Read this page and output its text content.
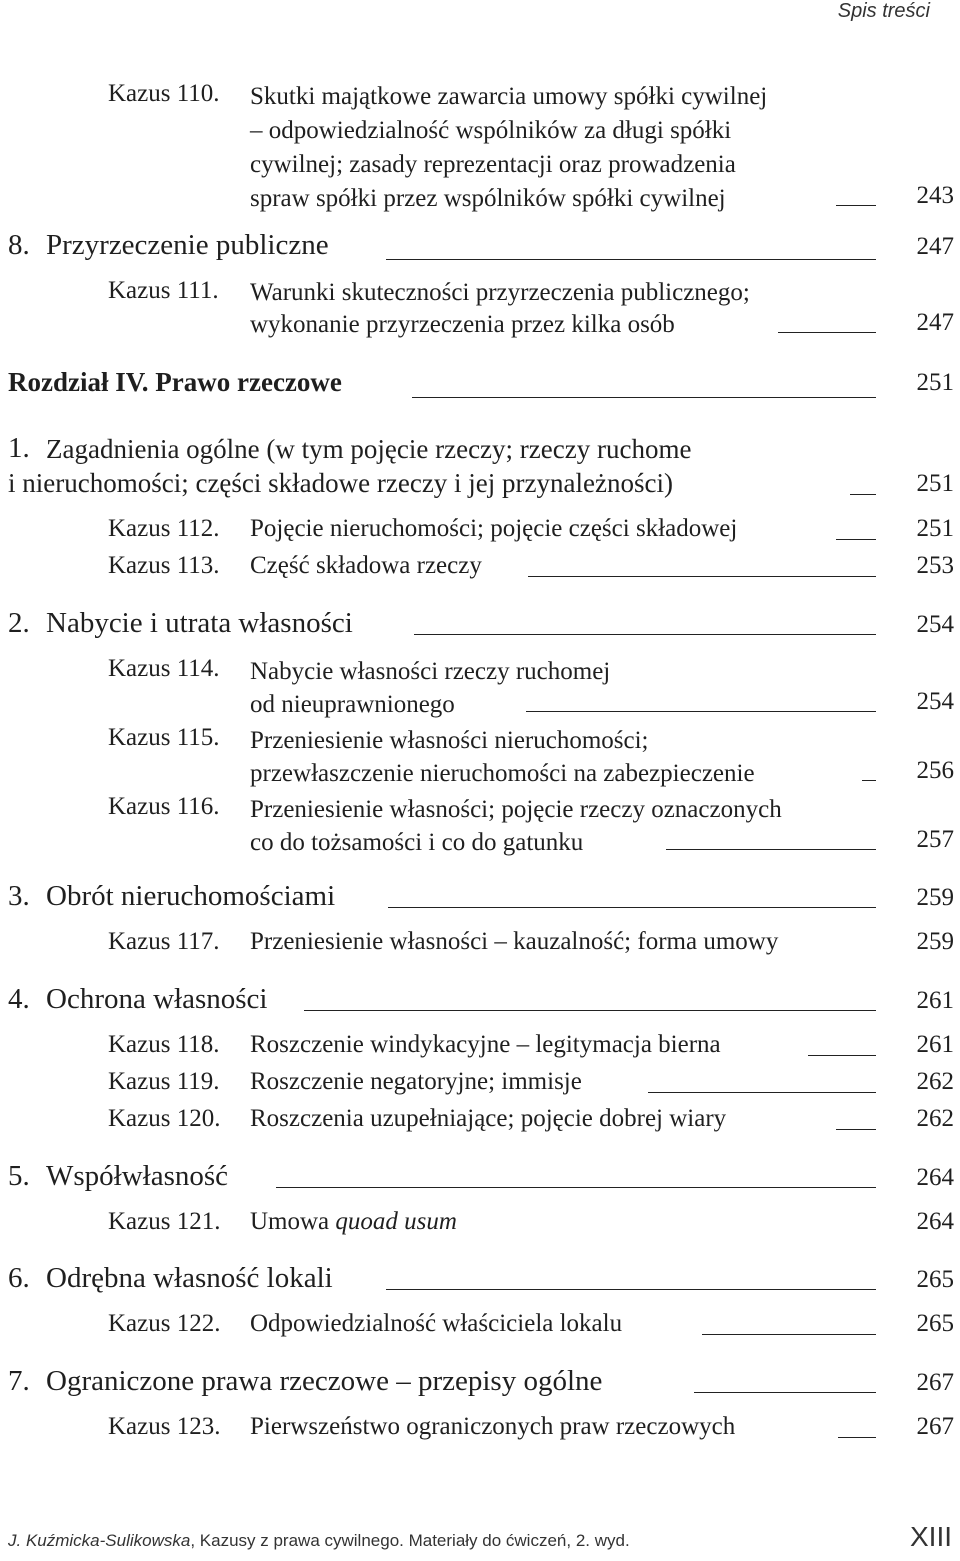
Spis treści
Kazus 110. Skutki majątkowe zawarcia umowy spółki cywilnej
– odpowiedzialność wspólników za długi spółki
cywilnej; zasady reprezentacji oraz prowadzenia
spraw spółki przez wspólników spółki cywilnej	243
8. Przyrzeczenie publiczne	247
Kazus 111. Warunki skuteczności przyrzeczenia publicznego;
wykonanie przyrzeczenia przez kilka osób	247
Rozdział IV. Prawo rzeczowe	251
1. Zagadnienia ogólne (w tym pojęcie rzeczy; rzeczy ruchome
i nieruchomości; części składowe rzeczy i jej przynależności)	251
Kazus 112. Pojęcie nieruchomości; pojęcie części składowej	251
Kazus 113. Część składowa rzeczy	253
2. Nabycie i utrata własności	254
Kazus 114. Nabycie własności rzeczy ruchomej
od nieuprawnionego	254
Kazus 115. Przeniesienie własności nieruchomości;
przewłaszczenie nieruchomości na zabezpieczenie	256
Kazus 116. Przeniesienie własności; pojęcie rzeczy oznaczonych
co do tożsamości i co do gatunku	257
3. Obrót nieruchomościami	259
Kazus 117. Przeniesienie własności – kauzalność; forma umowy	259
4. Ochrona własności	261
Kazus 118. Roszczenie windykacyjne – legitymacja bierna	261
Kazus 119. Roszczenie negatoryjne; immisje	262
Kazus 120. Roszczenia uzupełniające; pojęcie dobrej wiary	262
5. Współwłasność	264
Kazus 121. Umowa quoad usum	264
6. Odrębna własność lokali	265
Kazus 122. Odpowiedzialność właściciela lokalu	265
7. Ograniczone prawa rzeczowe – przepisy ogólne	267
Kazus 123. Pierwszeństwo ograniczonych praw rzeczowych	267
J. Kuźmicka-Sulikowska, Kazusy z prawa cywilnego. Materiały do ćwiczeń, 2. wyd.	XIII
